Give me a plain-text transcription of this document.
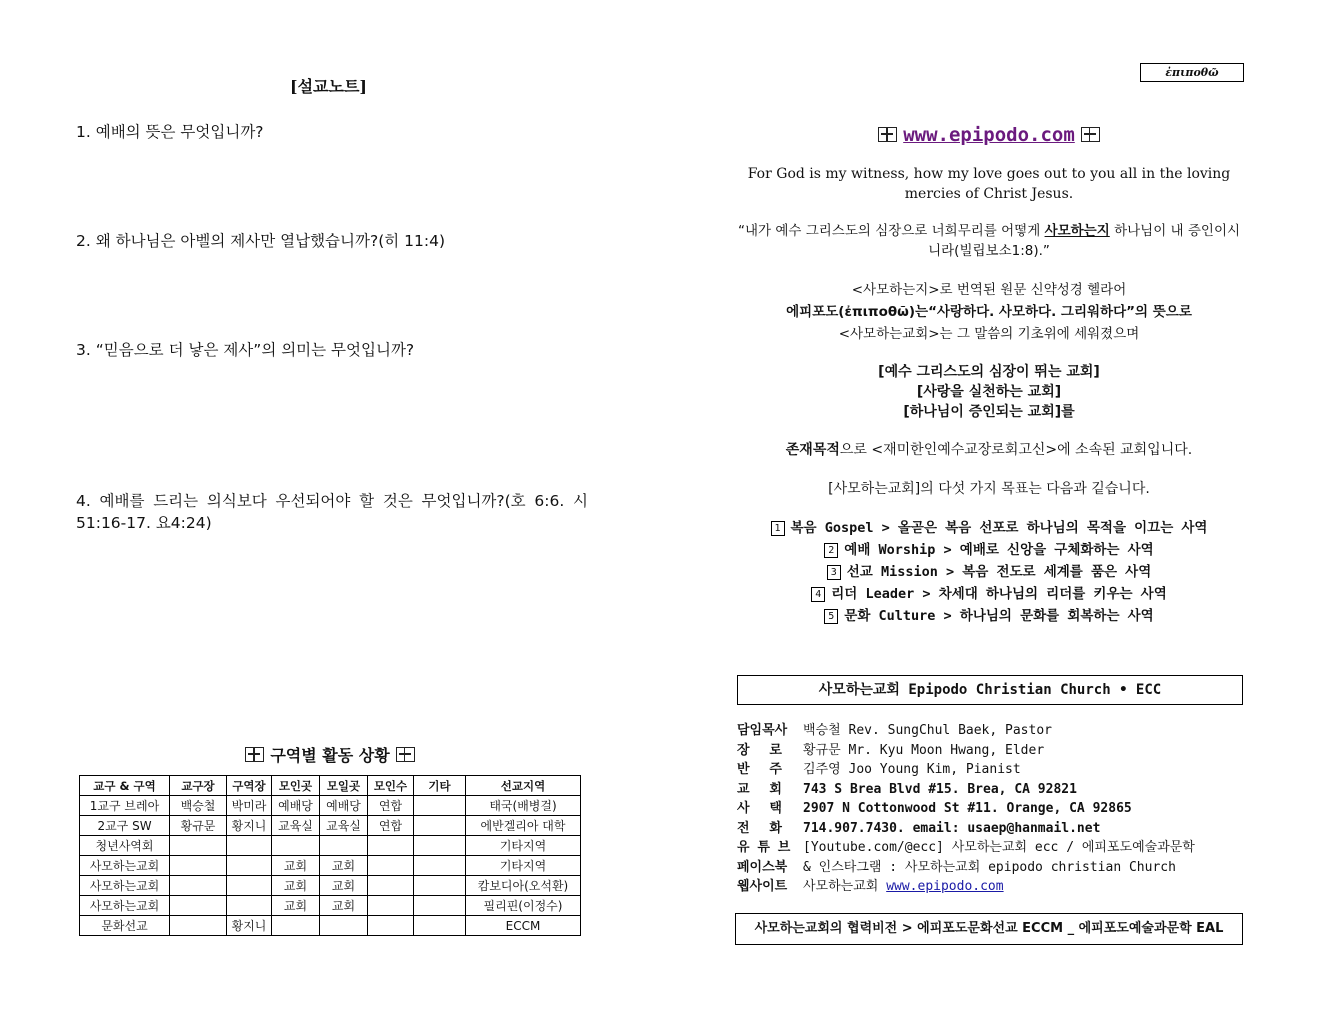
[설교노트]
1. 예배의 뜻은 무엇입니까?
2. 왜 하나님은 아벨의 제사만 열납했습니까?(히 11:4)
3. “믿음으로 더 낳은 제사”의 의미는 무엇입니까?
4. 예배를 드리는 의식보다 우선되어야 할 것은 무엇입니까?(호 6:6. 시 51:16-17. 요4:24)
구역별 활동 상황
교구 & 구역	교구장	구역장	모인곳	모일곳	모인수	기타	선교지역
1교구 브레아	백승철	박미라	예배당	예배당	연합		태국(배병걸)
2교구 SW	황규문	황지니	교육실	교육실	연합		에반겔리아 대학
청년사역회							기타지역
사모하는교회			교회	교회			기타지역
사모하는교회			교회	교회			캄보디아(오석환)
사모하는교회			교회	교회			필리핀(이정수)
문화선교		황지니					ECCM
ἐπιποθῶ
www.epipodo.com
For God is my witness, how my love goes out to you all in the loving mercies of Christ Jesus.
“내가 예수 그리스도의 심장으로 너희무리를 어떻게 사모하는지 하나님이 내 증인이시니라(빌립보소1:8).”
<사모하는지>로 번역된 원문 신약성경 헬라어
에피포도(ἐπιποθῶ)는“사랑하다. 사모하다. 그리워하다”의 뜻으로
<사모하는교회>는 그 말씀의 기초위에 세워졌으며
[예수 그리스도의 심장이 뛰는 교회]
[사랑을 실천하는 교회]
[하나님이 증인되는 교회]를
존재목적으로 <재미한인예수교장로회고신>에 소속된 교회입니다.
[사모하는교회]의 다섯 가지 목표는 다음과 깉습니다.
1 복음 Gospel > 올곧은 복음 선포로 하나님의 목적을 이끄는 사역
2 예배 Worship > 예배로 신앙을 구체화하는 사역
3 선교 Mission > 복음 전도로 세계를 품은 사역
4 리더 Leader > 차세대 하나님의 리더를 키우는 사역
5 문화 Culture > 하나님의 문화를 회복하는 사역
사모하는교회 Epipodo Christian Church • ECC
담임목사	백승철 Rev. SungChul Baek, Pastor
장 로	황규문 Mr. Kyu Moon Hwang, Elder
반 주	김주영 Joo Young Kim, Pianist
교 회	743 S Brea Blvd #15. Brea, CA 92821
사 택	2907 N Cottonwood St #11. Orange, CA 92865
전 화	714.907.7430. email: usaep@hanmail.net
유 튜 브 [Youtube.com/@ecc] 사모하는교회 ecc / 에피포도예술과문학
페이스북	& 인스타그램 : 사모하는교회 epipodo christian Church
웹사이트	사모하는교회 www.epipodo.com
사모하는교회의 협력비전 > 에피포도문화선교 ECCM _ 에피포도예술과문학 EAL
